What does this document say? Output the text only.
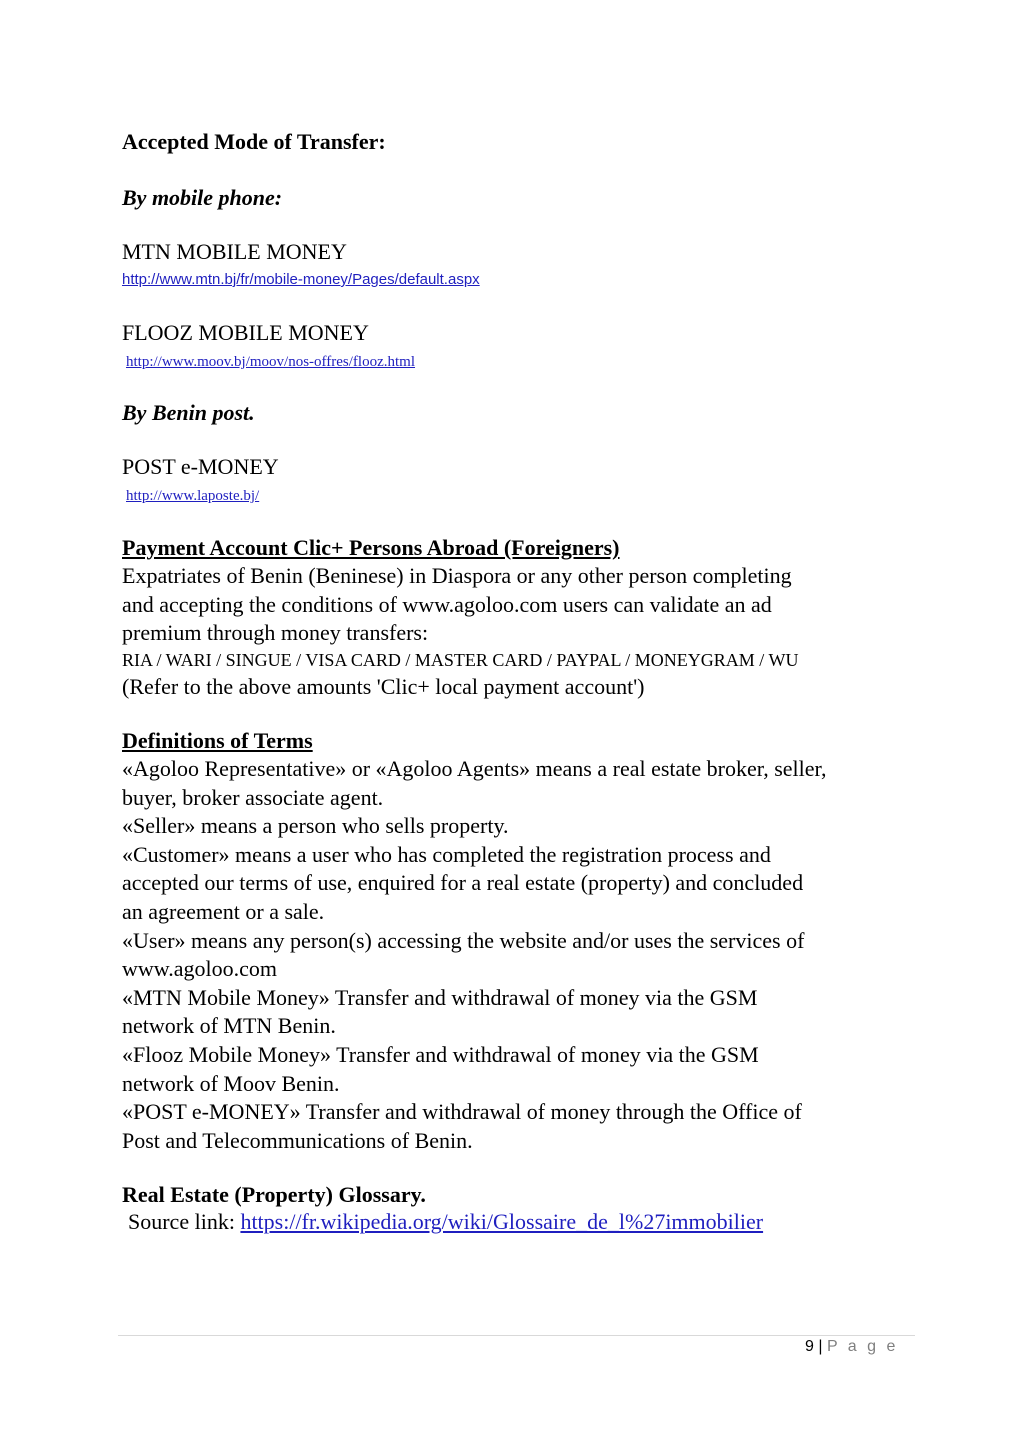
Accepted Mode of Transfer:
By mobile phone:
MTN MOBILE MONEY
http://www.mtn.bj/fr/mobile-money/Pages/default.aspx
FLOOZ MOBILE MONEY
http://www.moov.bj/moov/nos-offres/flooz.html
By Benin post.
POST e-MONEY
http://www.laposte.bj/
Payment Account Clic+ Persons Abroad (Foreigners)
Expatriates of Benin (Beninese) in Diaspora or any other person completing
and accepting the conditions of www.agoloo.com users can validate an ad
premium through money transfers:
RIA / WARI / SINGUE / VISA CARD / MASTER CARD / PAYPAL / MONEYGRAM / WU
(Refer to the above amounts 'Clic+ local payment account')
Definitions of Terms
«Agoloo Representative» or «Agoloo Agents» means a real estate broker, seller,
buyer, broker associate agent.
«Seller» means a person who sells property.
«Customer» means a user who has completed the registration process and
accepted our terms of use, enquired for a real estate (property) and concluded
an agreement or a sale.
«User» means any person(s) accessing the website and/or uses the services of
www.agoloo.com
«MTN Mobile Money» Transfer and withdrawal of money via the GSM
network of MTN Benin.
«Flooz Mobile Money» Transfer and withdrawal of money via the GSM
network of Moov Benin.
«POST e-MONEY» Transfer and withdrawal of money through the Office of
Post and Telecommunications of Benin.
Real Estate (Property) Glossary.
Source link: https://fr.wikipedia.org/wiki/Glossaire_de_l%27immobilier
9 | P a g e
